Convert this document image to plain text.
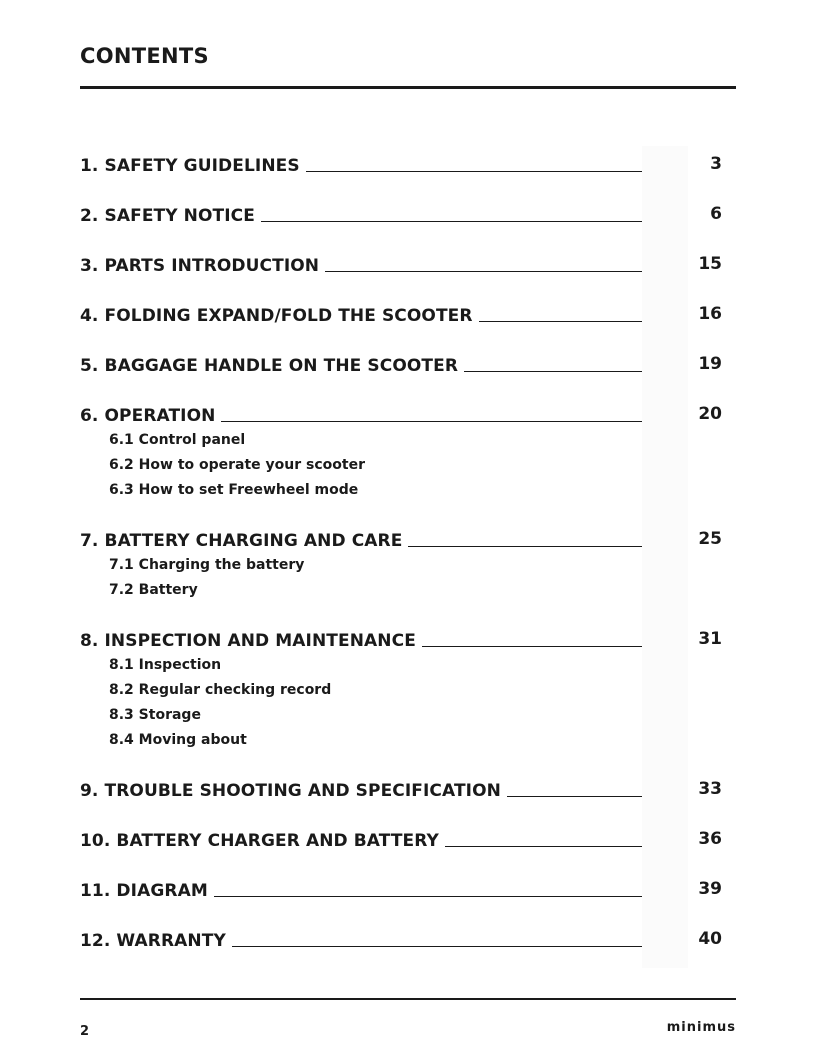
CONTENTS
1. SAFETY GUIDELINES	3
2. SAFETY NOTICE	6
3. PARTS INTRODUCTION	15
4. FOLDING EXPAND/FOLD THE SCOOTER	16
5. BAGGAGE HANDLE ON THE SCOOTER	19
6. OPERATION	20
6.1 Control panel
6.2 How to operate your scooter
6.3 How to set Freewheel mode
7. BATTERY CHARGING AND CARE	25
7.1 Charging the battery
7.2 Battery
8. INSPECTION AND MAINTENANCE	31
8.1 Inspection
8.2 Regular checking record
8.3 Storage
8.4 Moving about
9. TROUBLE SHOOTING AND SPECIFICATION	33
10. BATTERY CHARGER AND BATTERY	36
11. DIAGRAM	39
12. WARRANTY	40
2	minimus
